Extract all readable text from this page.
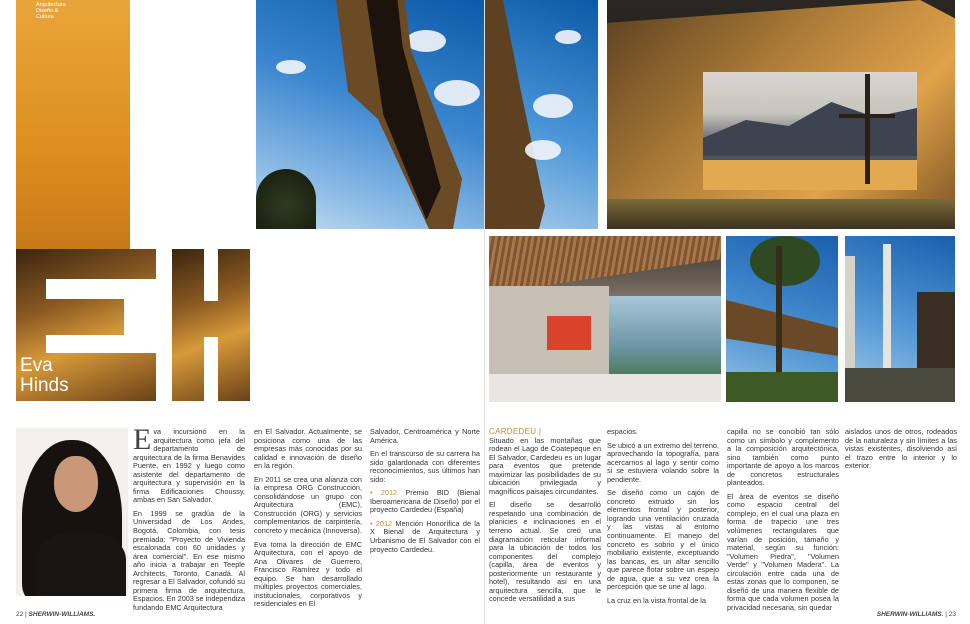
Arquitectura
Diseño &
Cultura
Eva
Hinds

Eva incursionó en la arquitectura como jefa del departamento de arquitectura de la firma Benavides Puente, en 1992 y luego como asistente del departamento de arquitectura y supervisión en la firma Edificaciones Choussy, ambas en San Salvador.

En 1999 se gradúa de la Universidad de Los Andes, Bogotá, Colombia, con tesis premiada: "Proyecto de Vivienda escalonada con 60 unidades y área comercial". En ese mismo año inicia a trabajar en Teeple Architects, Toronto, Canadá. Al regresar a El Salvador, cofundó su primera firma de arquitectura, Espacios. En 2003 se independiza fundando EMC Arquitectura

en El Salvador. Actualmente, se posiciona como una de las empresas más conocidas por su calidad e innovación de diseño en la región.

En 2011 se crea una alianza con la empresa ORG Construcción, consolidándose un grupo con Arquitectura (EMC), Construcción (ORG) y servicios complementarios de carpintería, concreto y mecánica (Innoversa).

Eva toma la dirección de EMC Arquitectura, con el apoyo de Ana Olivares de Guerrero, Francisco Ramírez y todo el equipo. Se han desarrollado múltiples proyectos comerciales, institucionales, corporativos y residenciales en El

Salvador, Centroamérica y Norte América.

En el transcurso de su carrera ha sido galardonada con diferentes reconocimientos, sus últimos han sido:

• 2012 Premio BID (Bienal Iberoamericana de Diseño) por el proyecto Cardedeu (España)

• 2012 Mención Honorífica de la X Bienal de Arquitectura y Urbanismo de El Salvador con el proyecto Cardedeu.

22 | SHERWIN-WILLIAMS.
CARDEDEU |

Situado en las montañas que rodean el Lago de Coatepeque en El Salvador, Cardedeu es un lugar para eventos que pretende maximizar las posibilidades de su ubicación privilegiada y magníficos paisajes circundantes.

El diseño se desarrolló respetando una combinación de planicies e inclinaciones en el terreno actual. Se creó una diagramación reticular informal para la ubicación de todos los componentes del complejo (capilla, área de eventos y posteriormente un restaurante y hotel), resultando así en una arquitectura sencilla, que le concede versatilidad a sus

espacios.

Se ubicó a un extremo del terreno, aprovechando la topografía, para acercarnos al lago y sentir como si se estuviera volando sobre la pendiente.

Se diseñó como un cajón de concreto extruido sin los elementos frontal y posterior, logrando una ventilación cruzada y las vistas al entorno continuamente. El manejo del concreto es sobrio y el único mobiliario existente, exceptuando las bancas, es un altar sencillo que parece flotar sobre un espejo de agua, que a su vez crea la percepción que se une al lago.

La cruz en la vista frontal de la

capilla no se concibió tan sólo como un símbolo y complemento a la composición arquitectónica, sino también como punto importante de apoyo a los marcos de concretos estructurales planteados.

El área de eventos se diseñó como espacio central del complejo, en el cual una plaza en forma de trapecio une tres volúmenes rectangulares que varían de posición, tamaño y material, según su función: "Volumen Piedra", "Volumen Verde" y "Volumen Madera". La circulación entre cada una de estas zonas que lo componen, se diseñó de una manera flexible de forma que cada volumen posea la privacidad necesaria, sin quedar

aislados unos de otros, rodeados de la naturaleza y sin límites a las vistas existentes, disolviendo así el trazo entre lo interior y lo exterior.

SHERWIN-WILLIAMS. | 23
